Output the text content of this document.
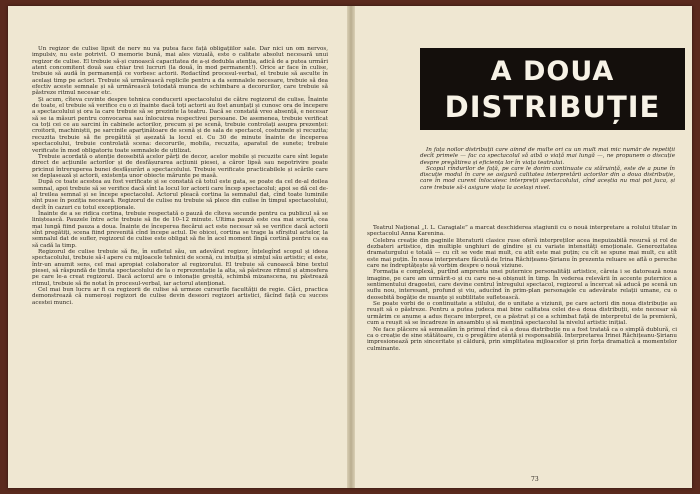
Un regizor de culise lipsit de nerv nu va putea face față obligațiilor sale. Dar nici un om nervos, impulsiv, nu este potrivit. O memorie bună, mai ales vizuală, este o calitate absolut necesară unui regizor de culise. El trebuie să-și cunoască capacitatea de a-și dedubla atenția, adică de a putea urmări atent concomitent două sau chiar trei lucruri (la două, în mod permanent!). Orice ar face în culise, trebuie să audă în permanență ce vorbesc actorii. Redactînd procesul-verbal, el trebuie să asculte în același timp pe actori. Trebuie să urmărească replicile pentru a da semnalele necesare, trebuie să dea efectiv aceste semnale și să urmărească totodată munca de schimbare a decorurilor, care trebuie să păstreze ritmul necesar etc.

Și acum, cîteva cuvinte despre tehnica conducerii spectacolului de către regizorul de culise. Înainte de toate, el trebuie să verifice cu o zi înainte dacă toți actorii au fost anunțați și cunosc ora de începere a spectacolului și ora la care trebuie să se prezinte la teatru. Dacă se constată vreo absență, e necesar să se ia măsuri pentru convocarea sau înlocuirea respectivei persoane. De asemenea, trebuie verificat ca toți cei ce au sarcini în cabinele actorilor, precum și pe scenă, trebuie controlați asupra prezenței: croitorii, machiniștii, pe sarcinile aparținătoare de scenă și de sala de spectacol, costumele și recuzita; recuzita trebuie să fie pregătită și așezată la locul ei. Cu 30 de minute înainte de începerea spectacolului, trebuie controlată scena: decorurile, mobila, recuzita, aparatul de sunete; trebuie verificate în mod obligatoriu toate semnalele de utilizat.

Trebuie acordată o atenție deosebită acelor părți de decor, acelor mobile și recuzite care sînt legate direct de acțiunile actorilor și de desfășurarea acțiunii piesei, a căror lipsă sau nepotrivire poate pricinui întreruperea bunei desfășurări a spectacolului. Trebuie verificate practicabilele și scările care se deplasează și actorii, existența unor obiecte mărunte pe masă.

După ce toate acestea au fost verificate și se constată că totul este gata, se poate da cel de-al doilea semnal, apoi trebuie să se verifice dacă sînt la locul lor actorii care încep spectacolul; apoi se dă cel de-al treilea semnal și se începe spectacolul. Actorul pleacă cortina la semnalul dat, cînd toate luminile sînt puse în poziția necesară. Regizorul de culise nu trebuie să plece din culise în timpul spectacolului, decît în cazuri cu totul excepționale.

Înainte de a se ridica cortina, trebuie respectată o pauză de cîteva secunde pentru ca publicul să se liniștească. Pauzele între acte trebuie să fie de 10–12 minute. Ultima pauză este cea mai scurtă, cea mai lungă fiind pauza a doua. Înainte de începerea fiecărui act este necesar să se verifice dacă actorii sînt pregătiți, scena fiind prevenită cînd începe actul. De obicei, cortina se trage la sfîrșitul actelor, la semnalul dat de sufler, regizorul de culise este obligat să fie în acel moment lîngă cortină pentru ca ea să cadă la timp.

Regizorul de culise trebuie să fie, în sufletul său, un adevărat regizor, înțelegînd scopul și ideea spectacolului, trebuie să-l apere cu mijloacele tehnicii de scenă, cu intuiția și simțul său artistic; el este, într-un anumit sens, cel mai apropiat colaborator al regizorului. El trebuie să cunoască bine textul piesei, să răspundă de ținuta spectacolului de la o reprezentație la alta, să păstreze ritmul și atmosfera pe care le-a creat regizorul. Dacă actorul are o intonație greșită, schimbă mizanscena, nu păstrează ritmul, trebuie să fie notat în procesul-verbal, iar actorul atenționat.

Cel mai bun lucru ar fi ca regizorii de culise să urmeze cursurile facultății de regie. Căci, practica demonstrează că numeroși regizori de culise devin deseori regizori artistici, făcînd față cu succes acestei munci.

A DOUA
DISTRIBUȚIE

În fața noilor distribuții care aînnd de multe ori cu un mult mai mic număr de repetiții decît primele — fac ca spectacolul să aibă o viață mai lungă —, ne propunem o discuție despre pregătirea și eficiența lor în viața teatrului.

Scopul rîndurilor de față, pe care le dorim continuate cu stăruință, este de a pune în discuție modul în care se asigură calitatea interpretării actorilor din a doua distribuție, care în mod curent înlocuiesc interpreții spectacolului, cînd aceștia nu mai pot juca, și care trebuie să-i asigure viața la același nivel.

Teatrul Național „I. L. Caragiale” a marcat deschiderea stagiunii cu o nouă interpretare a rolului titular în spectacolul Anna Karenina.

Celebra creație din paginile literaturii clasice ruse oferă interpreților acea inepuizabilă resursă și rol de dezbateri artistice, din multiple unghiuri de gîndire și cu variate intensități emoționale. Generozitatea dramaturgului e totală — cu cît se vede mai mult, cu atît este mai puțin; cu cît se spune mai mult, cu atît este mai puțin. În noua interpretare făcută de Irina Răchițeanu-Șirianu în prezenta reluare se află o pereche care ne îndreptățește să vorbim despre o nouă viziune.

Formația e complexă, purtînd amprenta unei puternice personalități artistice, căreia i se datorează noua imagine, pe care am urmărit-o și cu care ne-a obișnuit în timp. În vederea relevării în accente puternice a sentimentului dragostei, care devine centrul întregului spectacol, regizorul a încercat să aducă pe scenă un suflu nou, interesant, profund și viu, aducînd în prim-plan personajele cu adevărate relații umane, cu o deosebită bogăție de nuanțe și subtilitate sufletească.

Se poate vorbi de o continuitate a stilului, de o unitate a viziunii, pe care actorii din noua distribuție au reușit să o păstreze. Pentru a putea judeca mai bine calitatea celei de-a doua distribuții, este necesar să urmărim ce anume a adus fiecare interpret, ce a păstrat și ce a schimbat față de interpretul de la premieră, cum a reușit să se încadreze în ansamblu și să mențină spectacolul la nivelul artistic inițial.

Ne face plăcere să semnalăm în primul rînd că a doua distribuție nu a fost tratată ca o simplă dublură, ci ca o creație de sine stătătoare, cu o pregătire atentă și responsabilă. Interpretarea Irinei Răchițeanu-Șirianu impresionează prin sinceritate și căldură, prin simplitatea mijloacelor și prin forța dramatică a momentelor culminante.

73
